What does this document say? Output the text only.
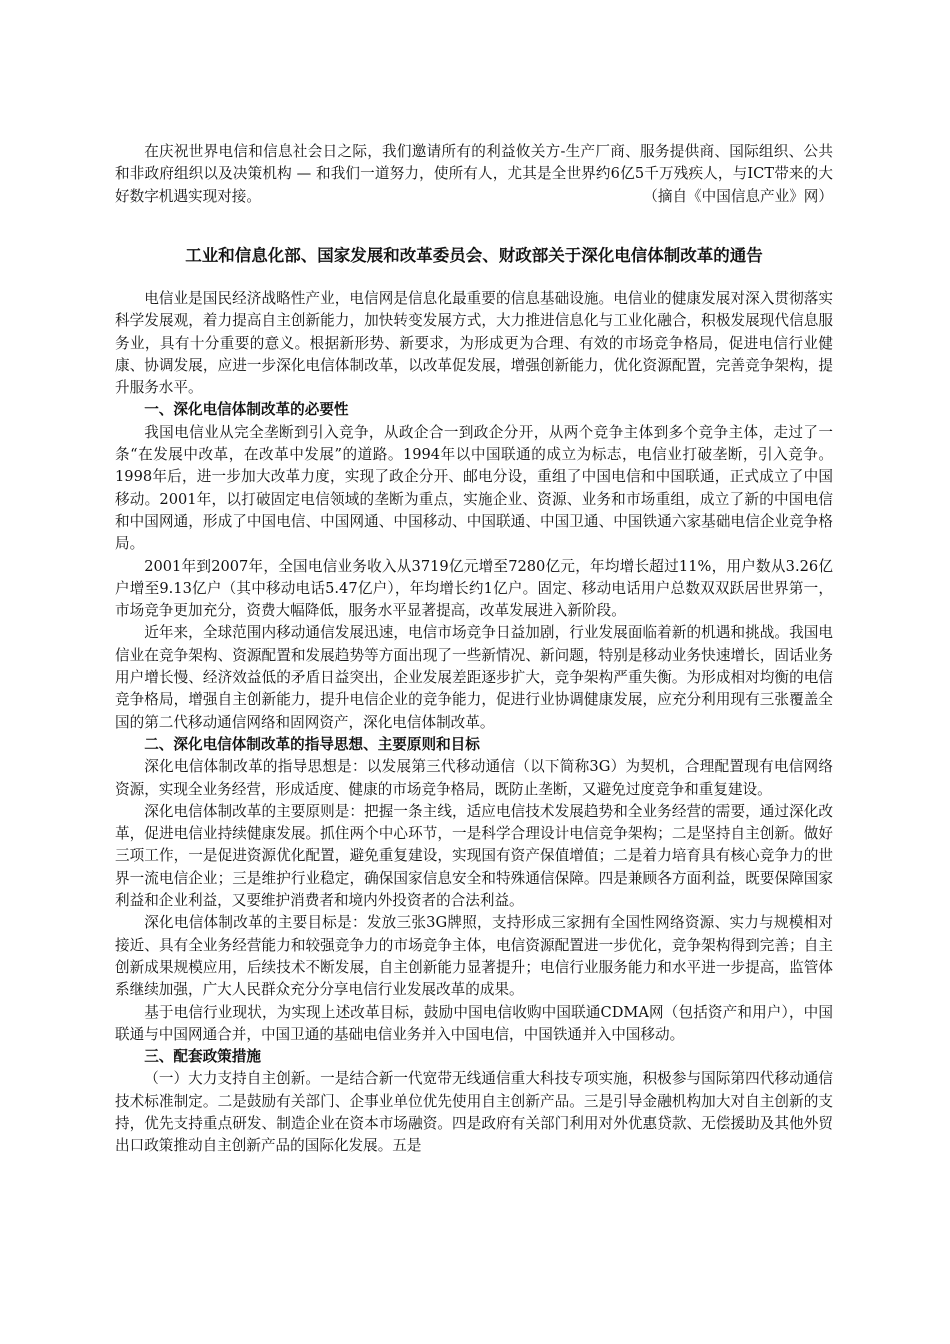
在庆祝世界电信和信息社会日之际，我们邀请所有的利益攸关方-生产厂商、服务提供商、国际组织、公共和非政府组织以及决策机构 — 和我们一道努力，使所有人，尤其是全世界约6亿5千万残疾人，与ICT带来的大好数字机遇实现对接。	（摘自《中国信息产业》网）

工业和信息化部、国家发展和改革委员会、财政部关于深化电信体制改革的通告

电信业是国民经济战略性产业，电信网是信息化最重要的信息基础设施。电信业的健康发展对深入贯彻落实科学发展观，着力提高自主创新能力，加快转变发展方式，大力推进信息化与工业化融合，积极发展现代信息服务业，具有十分重要的意义。根据新形势、新要求，为形成更为合理、有效的市场竞争格局，促进电信行业健康、协调发展，应进一步深化电信体制改革，以改革促发展，增强创新能力，优化资源配置，完善竞争架构，提升服务水平。

一、深化电信体制改革的必要性

我国电信业从完全垄断到引入竞争，从政企合一到政企分开，从两个竞争主体到多个竞争主体，走过了一条“在发展中改革，在改革中发展”的道路。1994年以中国联通的成立为标志，电信业打破垄断，引入竞争。1998年后，进一步加大改革力度，实现了政企分开、邮电分设，重组了中国电信和中国联通，正式成立了中国移动。2001年，以打破固定电信领域的垄断为重点，实施企业、资源、业务和市场重组，成立了新的中国电信和中国网通，形成了中国电信、中国网通、中国移动、中国联通、中国卫通、中国铁通六家基础电信企业竞争格局。

2001年到2007年，全国电信业务收入从3719亿元增至7280亿元，年均增长超过11%，用户数从3.26亿户增至9.13亿户（其中移动电话5.47亿户），年均增长约1亿户。固定、移动电话用户总数双双跃居世界第一，市场竞争更加充分，资费大幅降低，服务水平显著提高，改革发展进入新阶段。

近年来，全球范围内移动通信发展迅速，电信市场竞争日益加剧，行业发展面临着新的机遇和挑战。我国电信业在竞争架构、资源配置和发展趋势等方面出现了一些新情况、新问题，特别是移动业务快速增长，固话业务用户增长慢、经济效益低的矛盾日益突出，企业发展差距逐步扩大，竞争架构严重失衡。为形成相对均衡的电信竞争格局，增强自主创新能力，提升电信企业的竞争能力，促进行业协调健康发展，应充分利用现有三张覆盖全国的第二代移动通信网络和固网资产，深化电信体制改革。

二、深化电信体制改革的指导思想、主要原则和目标

深化电信体制改革的指导思想是：以发展第三代移动通信（以下简称3G）为契机，合理配置现有电信网络资源，实现全业务经营，形成适度、健康的市场竞争格局，既防止垄断，又避免过度竞争和重复建设。

深化电信体制改革的主要原则是：把握一条主线，适应电信技术发展趋势和全业务经营的需要，通过深化改革，促进电信业持续健康发展。抓住两个中心环节，一是科学合理设计电信竞争架构；二是坚持自主创新。做好三项工作，一是促进资源优化配置，避免重复建设，实现国有资产保值增值；二是着力培育具有核心竞争力的世界一流电信企业；三是维护行业稳定，确保国家信息安全和特殊通信保障。四是兼顾各方面利益，既要保障国家利益和企业利益，又要维护消费者和境内外投资者的合法利益。

深化电信体制改革的主要目标是：发放三张3G牌照，支持形成三家拥有全国性网络资源、实力与规模相对接近、具有全业务经营能力和较强竞争力的市场竞争主体，电信资源配置进一步优化，竞争架构得到完善；自主创新成果规模应用，后续技术不断发展，自主创新能力显著提升；电信行业服务能力和水平进一步提高，监管体系继续加强，广大人民群众充分分享电信行业发展改革的成果。

基于电信行业现状，为实现上述改革目标，鼓励中国电信收购中国联通CDMA网（包括资产和用户），中国联通与中国网通合并，中国卫通的基础电信业务并入中国电信，中国铁通并入中国移动。

三、配套政策措施

（一）大力支持自主创新。一是结合新一代宽带无线通信重大科技专项实施，积极参与国际第四代移动通信技术标准制定。二是鼓励有关部门、企事业单位优先使用自主创新产品。三是引导金融机构加大对自主创新的支持，优先支持重点研发、制造企业在资本市场融资。四是政府有关部门利用对外优惠贷款、无偿援助及其他外贸出口政策推动自主创新产品的国际化发展。五是
